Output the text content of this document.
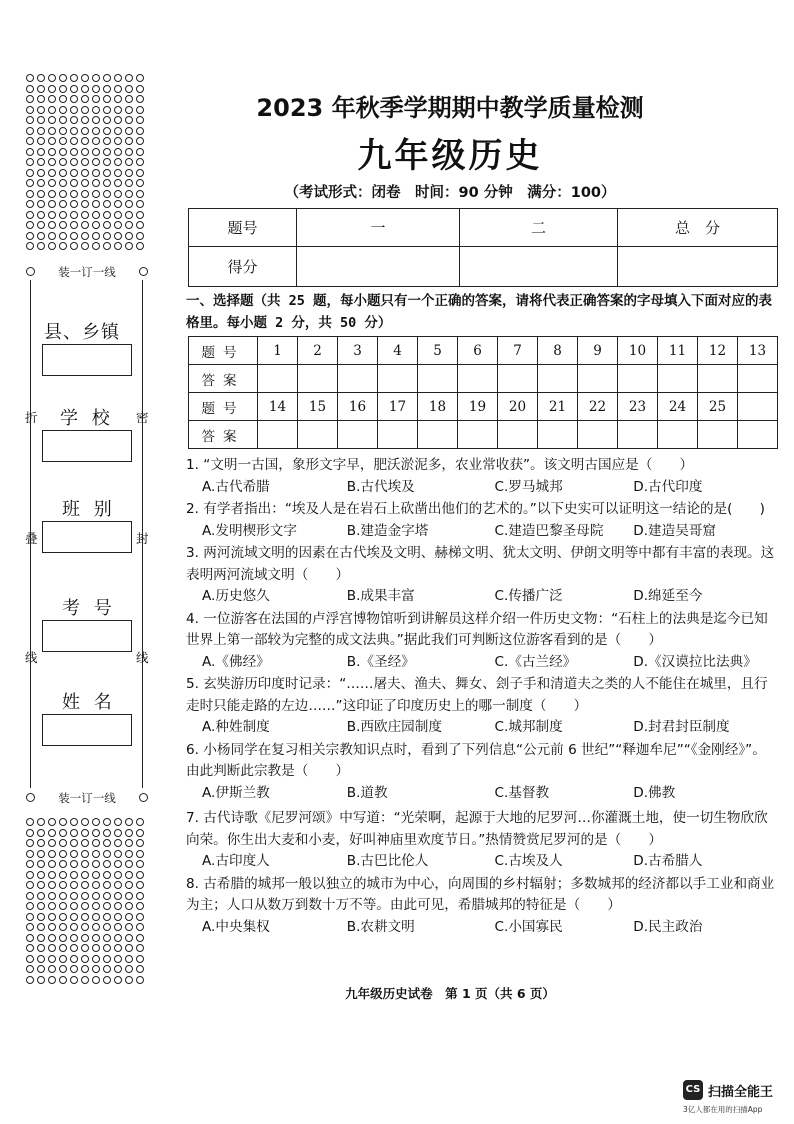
装一订一线
装一订一线
折
叠
线
密
封
线
县、乡镇
学 校
班 别
考 号
姓 名
2023 年秋季学期期中教学质量检测
九年级历史
（考试形式：闭卷　时间：90 分钟　满分：100）
题号	一	二	总　分
得分			
一、选择题（共 25 题，每小题只有一个正确的答案，请将代表正确答案的字母填入下面对应的表格里。每小题 2 分，共 50 分）
题号	1	2	3	4	5	6	7	8	9	10	11	12	13
答案													
题号	14	15	16	17	18	19	20	21	22	23	24	25	
答案													
1. “文明一古国，象形文字早，肥沃淤泥多，农业常收获”。该文明古国应是（　　）
A.古代希腊	B.古代埃及	C.罗马城邦	D.古代印度
2. 有学者指出：“埃及人是在岩石上砍凿出他们的艺术的。”以下史实可以证明这一结论的是(　　)
A.发明楔形文字	B.建造金字塔	C.建造巴黎圣母院	D.建造吴哥窟
3. 两河流域文明的因素在古代埃及文明、赫梯文明、犹太文明、伊朗文明等中都有丰富的表现。这表明两河流域文明（　　）
A.历史悠久	B.成果丰富	C.传播广泛	D.绵延至今
4. 一位游客在法国的卢浮宫博物馆听到讲解员这样介绍一件历史文物：“石柱上的法典是迄今已知世界上第一部较为完整的成文法典。”据此我们可判断这位游客看到的是（　　）
A.《佛经》	B.《圣经》	C.《古兰经》	D.《汉谟拉比法典》
5. 玄奘游历印度时记录：“……屠夫、渔夫、舞女、刽子手和清道夫之类的人不能住在城里，且行走时只能走路的左边……”这印证了印度历史上的哪一制度（　　）
A.种姓制度	B.西欧庄园制度	C.城邦制度	D.封君封臣制度
6. 小杨同学在复习相关宗教知识点时，看到了下列信息“公元前 6 世纪”“释迦牟尼”“《金刚经》”。由此判断此宗教是（　　）
A.伊斯兰教	B.道教	C.基督教	D.佛教
7. 古代诗歌《尼罗河颂》中写道：“光荣啊，起源于大地的尼罗河…你灌溉土地，使一切生物欣欣向荣。你生出大麦和小麦，好叫神庙里欢度节日。”热情赞赏尼罗河的是（　　）
A.古印度人	B.古巴比伦人	C.古埃及人	D.古希腊人
8. 古希腊的城邦一般以独立的城市为中心，向周围的乡村辐射；多数城邦的经济都以手工业和商业为主；人口从数万到数十万不等。由此可见，希腊城邦的特征是（　　）
A.中央集权	B.农耕文明	C.小国寡民	D.民主政治
九年级历史试卷　第 1 页（共 6 页）
CS 扫描全能王
3亿人都在用的扫描App
